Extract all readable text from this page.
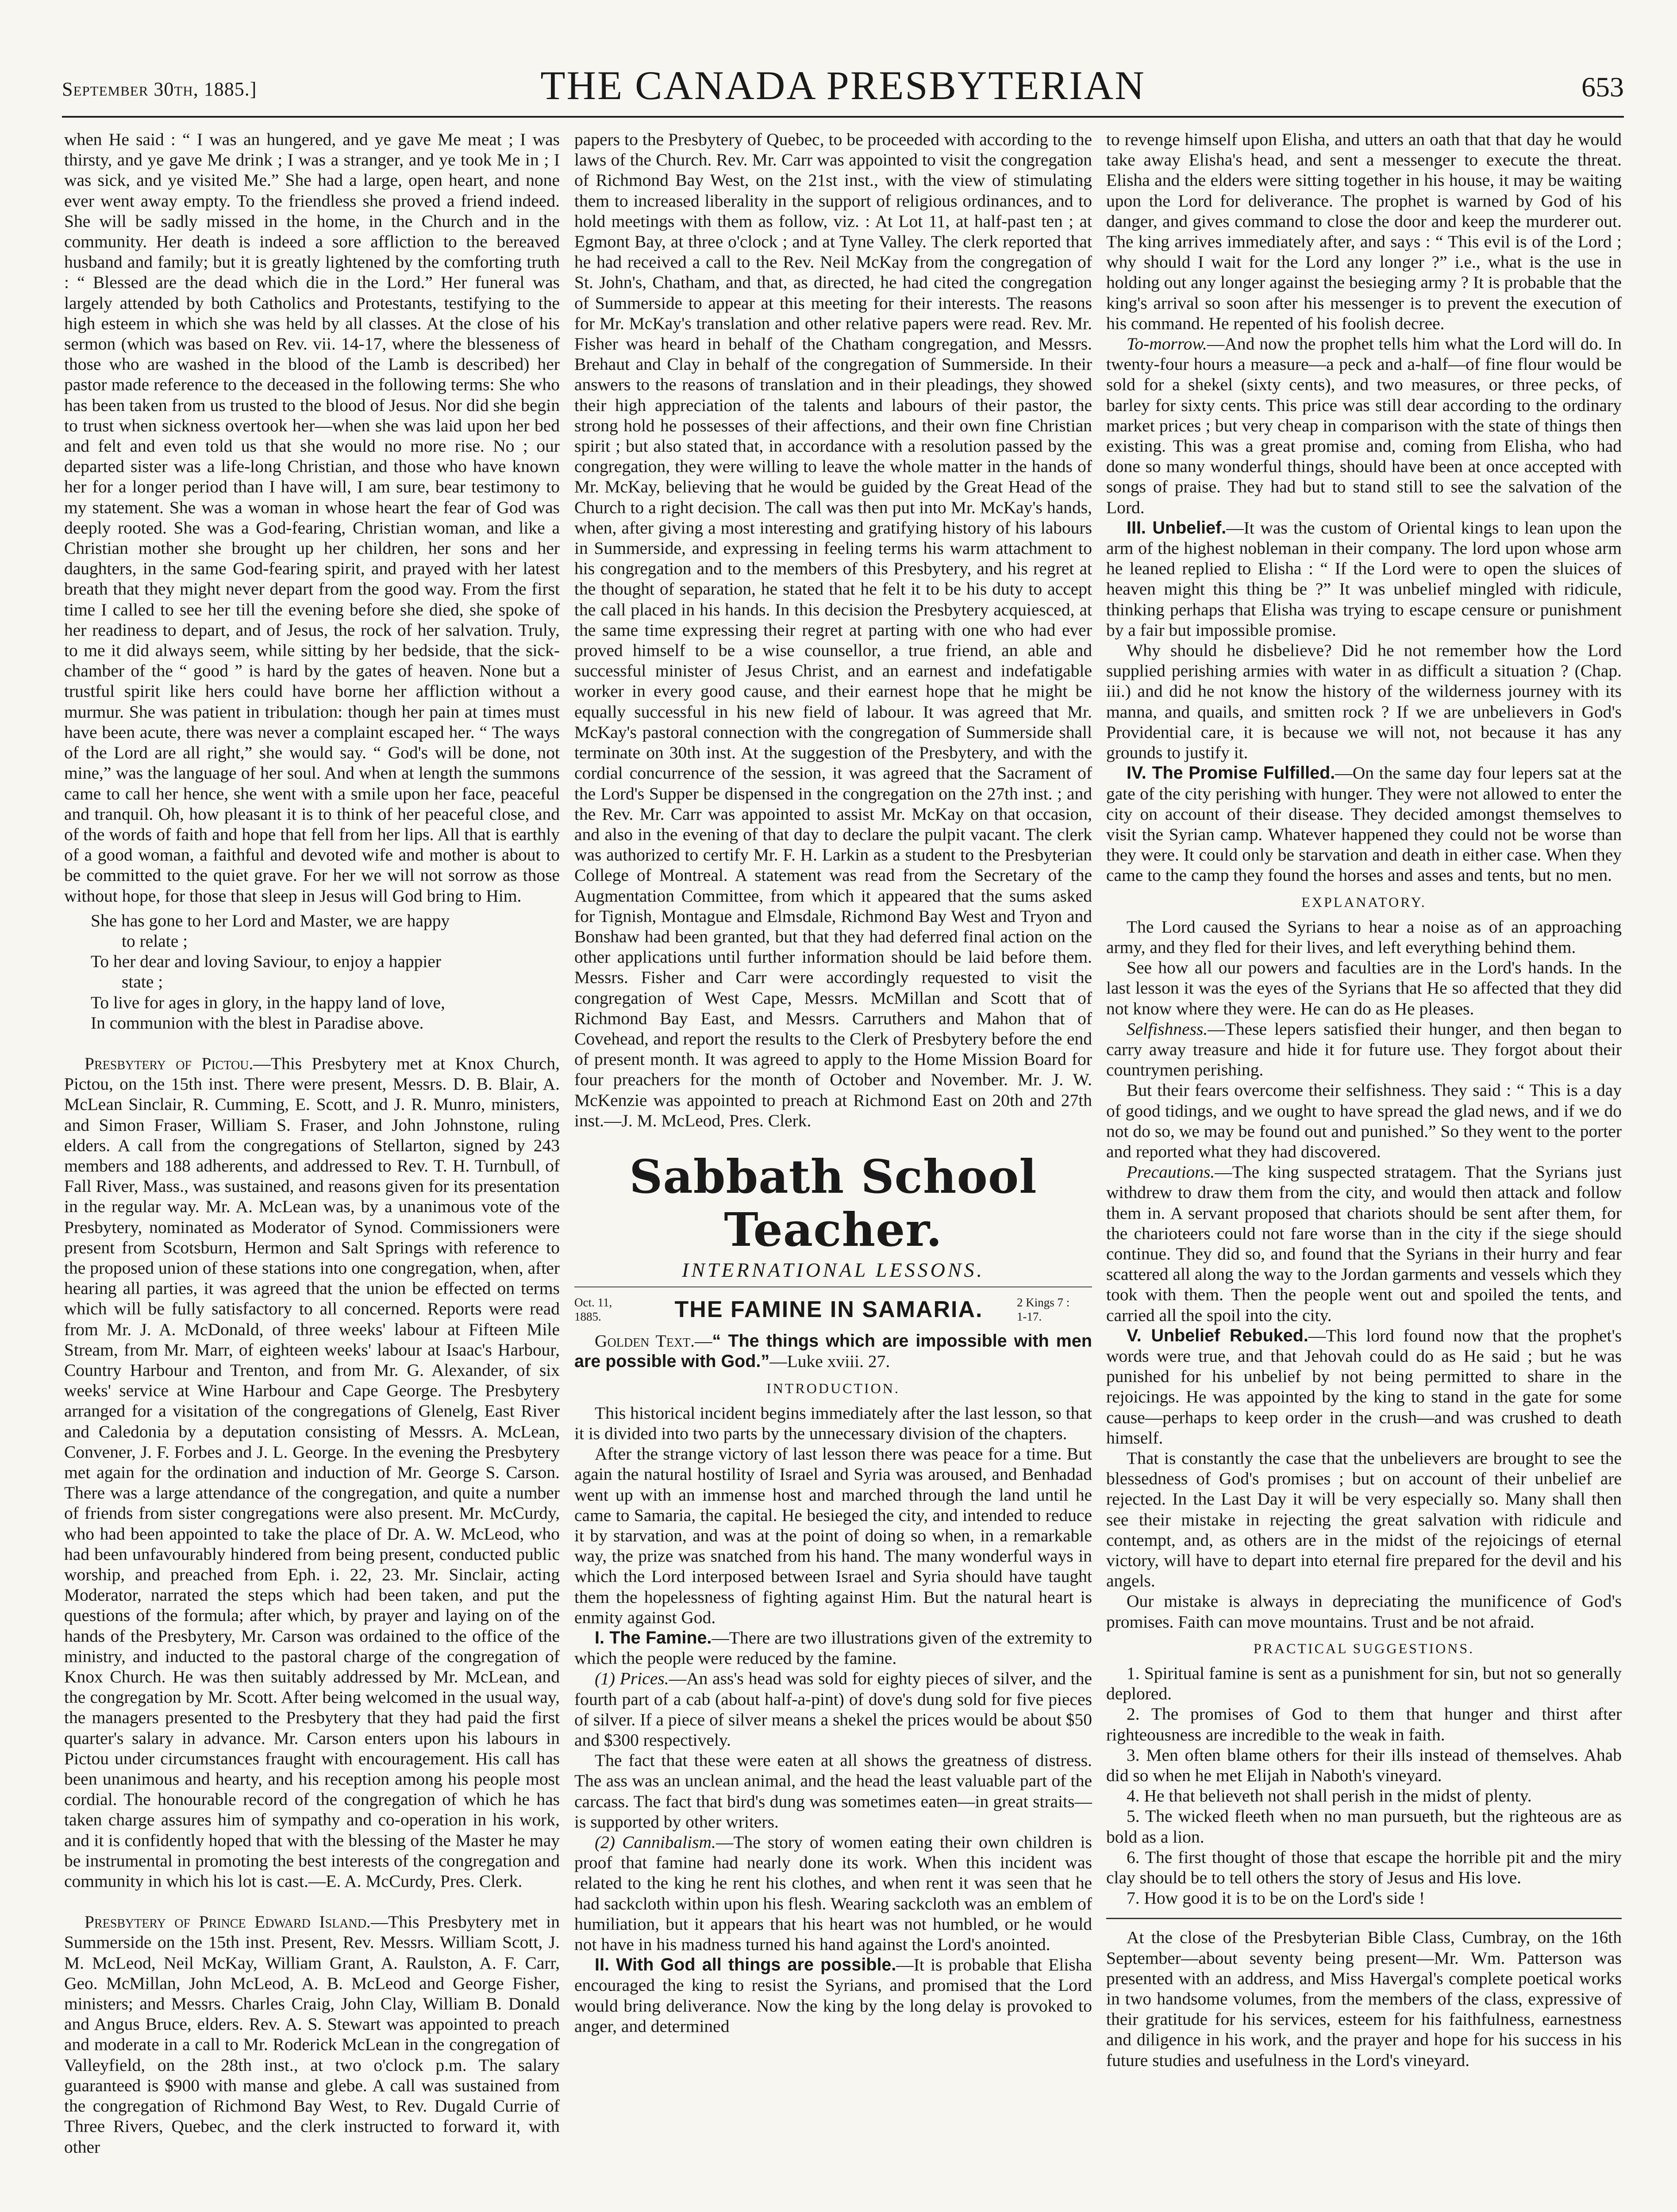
September 30th, 1885.]	THE CANADA PRESBYTERIAN	653

when He said : “ I was an hungered, and ye gave Me meat ; I was thirsty, and ye gave Me drink ; I was a stranger, and ye took Me in ; I was sick, and ye visited Me.” She had a large, open heart, and none ever went away empty. To the friendless she proved a friend indeed. She will be sadly missed in the home, in the Church and in the community. Her death is indeed a sore affliction to the bereaved husband and family; but it is greatly lightened by the comforting truth : “ Blessed are the dead which die in the Lord.” Her funeral was largely attended by both Catholics and Protestants, testifying to the high esteem in which she was held by all classes. At the close of his sermon (which was based on Rev. vii. 14-17, where the blesseness of those who are washed in the blood of the Lamb is described) her pastor made reference to the deceased in the following terms: She who has been taken from us trusted to the blood of Jesus. Nor did she begin to trust when sickness overtook her—when she was laid upon her bed and felt and even told us that she would no more rise. No ; our departed sister was a life-long Christian, and those who have known her for a longer period than I have will, I am sure, bear testimony to my statement. She was a woman in whose heart the fear of God was deeply rooted. She was a God-fearing, Christian woman, and like a Christian mother she brought up her children, her sons and her daughters, in the same God-fearing spirit, and prayed with her latest breath that they might never depart from the good way. From the first time I called to see her till the evening before she died, she spoke of her readiness to depart, and of Jesus, the rock of her salvation. Truly, to me it did always seem, while sitting by her bedside, that the sick-chamber of the “ good ” is hard by the gates of heaven. None but a trustful spirit like hers could have borne her affliction without a murmur. She was patient in tribulation: though her pain at times must have been acute, there was never a complaint escaped her. “ The ways of the Lord are all right,” she would say. “ God's will be done, not mine,” was the language of her soul. And when at length the summons came to call her hence, she went with a smile upon her face, peaceful and tranquil. Oh, how pleasant it is to think of her peaceful close, and of the words of faith and hope that fell from her lips. All that is earthly of a good woman, a faithful and devoted wife and mother is about to be committed to the quiet grave. For her we will not sorrow as those without hope, for those that sleep in Jesus will God bring to Him.

She has gone to her Lord and Master, we are happy
to relate ;
To her dear and loving Saviour, to enjoy a happier
state ;
To live for ages in glory, in the happy land of love,
In communion with the blest in Paradise above.

Presbytery of Pictou.—This Presbytery met at Knox Church, Pictou, on the 15th inst. There were present, Messrs. D. B. Blair, A. McLean Sinclair, R. Cumming, E. Scott, and J. R. Munro, ministers, and Simon Fraser, William S. Fraser, and John Johnstone, ruling elders. A call from the congregations of Stellarton, signed by 243 members and 188 adherents, and addressed to Rev. T. H. Turnbull, of Fall River, Mass., was sustained, and reasons given for its presentation in the regular way. Mr. A. McLean was, by a unanimous vote of the Presbytery, nominated as Moderator of Synod. Commissioners were present from Scotsburn, Hermon and Salt Springs with reference to the proposed union of these stations into one congregation, when, after hearing all parties, it was agreed that the union be effected on terms which will be fully satisfactory to all concerned. Reports were read from Mr. J. A. McDonald, of three weeks' labour at Fifteen Mile Stream, from Mr. Marr, of eighteen weeks' labour at Isaac's Harbour, Country Harbour and Trenton, and from Mr. G. Alexander, of six weeks' service at Wine Harbour and Cape George. The Presbytery arranged for a visitation of the congregations of Glenelg, East River and Caledonia by a deputation consisting of Messrs. A. McLean, Convener, J. F. Forbes and J. L. George. In the evening the Presbytery met again for the ordination and induction of Mr. George S. Carson. There was a large attendance of the congregation, and quite a number of friends from sister congregations were also present. Mr. McCurdy, who had been appointed to take the place of Dr. A. W. McLeod, who had been unfavourably hindered from being present, conducted public worship, and preached from Eph. i. 22, 23. Mr. Sinclair, acting Moderator, narrated the steps which had been taken, and put the questions of the formula; after which, by prayer and laying on of the hands of the Presbytery, Mr. Carson was ordained to the office of the ministry, and inducted to the pastoral charge of the congregation of Knox Church. He was then suitably addressed by Mr. McLean, and the congregation by Mr. Scott. After being welcomed in the usual way, the managers presented to the Presbytery that they had paid the first quarter's salary in advance. Mr. Carson enters upon his labours in Pictou under circumstances fraught with encouragement. His call has been unanimous and hearty, and his reception among his people most cordial. The honourable record of the congregation of which he has taken charge assures him of sympathy and co-operation in his work, and it is confidently hoped that with the blessing of the Master he may be instrumental in promoting the best interests of the congregation and community in which his lot is cast.—E. A. McCurdy, Pres. Clerk.

Presbytery of Prince Edward Island.—This Presbytery met in Summerside on the 15th inst. Present, Rev. Messrs. William Scott, J. M. McLeod, Neil McKay, William Grant, A. Raulston, A. F. Carr, Geo. McMillan, John McLeod, A. B. McLeod and George Fisher, ministers; and Messrs. Charles Craig, John Clay, William B. Donald and Angus Bruce, elders. Rev. A. S. Stewart was appointed to preach and moderate in a call to Mr. Roderick McLean in the congregation of Valleyfield, on the 28th inst., at two o'clock p.m. The salary guaranteed is $900 with manse and glebe. A call was sustained from the congregation of Richmond Bay West, to Rev. Dugald Currie of Three Rivers, Quebec, and the clerk instructed to forward it, with other

papers to the Presbytery of Quebec, to be proceeded with according to the laws of the Church. Rev. Mr. Carr was appointed to visit the congregation of Richmond Bay West, on the 21st inst., with the view of stimulating them to increased liberality in the support of religious ordinances, and to hold meetings with them as follow, viz. : At Lot 11, at half-past ten ; at Egmont Bay, at three o'clock ; and at Tyne Valley. The clerk reported that he had received a call to the Rev. Neil McKay from the congregation of St. John's, Chatham, and that, as directed, he had cited the congregation of Summerside to appear at this meeting for their interests. The reasons for Mr. McKay's translation and other relative papers were read. Rev. Mr. Fisher was heard in behalf of the Chatham congregation, and Messrs. Brehaut and Clay in behalf of the congregation of Summerside. In their answers to the reasons of translation and in their pleadings, they showed their high appreciation of the talents and labours of their pastor, the strong hold he possesses of their affections, and their own fine Christian spirit ; but also stated that, in accordance with a resolution passed by the congregation, they were willing to leave the whole matter in the hands of Mr. McKay, believing that he would be guided by the Great Head of the Church to a right decision. The call was then put into Mr. McKay's hands, when, after giving a most interesting and gratifying history of his labours in Summerside, and expressing in feeling terms his warm attachment to his congregation and to the members of this Presbytery, and his regret at the thought of separation, he stated that he felt it to be his duty to accept the call placed in his hands. In this decision the Presbytery acquiesced, at the same time expressing their regret at parting with one who had ever proved himself to be a wise counsellor, a true friend, an able and successful minister of Jesus Christ, and an earnest and indefatigable worker in every good cause, and their earnest hope that he might be equally successful in his new field of labour. It was agreed that Mr. McKay's pastoral connection with the congregation of Summerside shall terminate on 30th inst. At the suggestion of the Presbytery, and with the cordial concurrence of the session, it was agreed that the Sacrament of the Lord's Supper be dispensed in the congregation on the 27th inst. ; and the Rev. Mr. Carr was appointed to assist Mr. McKay on that occasion, and also in the evening of that day to declare the pulpit vacant. The clerk was authorized to certify Mr. F. H. Larkin as a student to the Presbyterian College of Montreal. A statement was read from the Secretary of the Augmentation Committee, from which it appeared that the sums asked for Tignish, Montague and Elmsdale, Richmond Bay West and Tryon and Bonshaw had been granted, but that they had deferred final action on the other applications until further information should be laid before them. Messrs. Fisher and Carr were accordingly requested to visit the congregation of West Cape, Messrs. McMillan and Scott that of Richmond Bay East, and Messrs. Carruthers and Mahon that of Covehead, and report the results to the Clerk of Presbytery before the end of present month. It was agreed to apply to the Home Mission Board for four preachers for the month of October and November. Mr. J. W. McKenzie was appointed to preach at Richmond East on 20th and 27th inst.—J. M. McLeod, Pres. Clerk.

Sabbath School Teacher.
INTERNATIONAL LESSONS.
Oct. 11,
1885.	THE FAMINE IN SAMARIA.	2 Kings 7 :
1-17.

Golden Text.—“ The things which are impossible with men are possible with God.”—Luke xviii. 27.

INTRODUCTION.

This historical incident begins immediately after the last lesson, so that it is divided into two parts by the unnecessary division of the chapters.

After the strange victory of last lesson there was peace for a time. But again the natural hostility of Israel and Syria was aroused, and Benhadad went up with an immense host and marched through the land until he came to Samaria, the capital. He besieged the city, and intended to reduce it by starvation, and was at the point of doing so when, in a remarkable way, the prize was snatched from his hand. The many wonderful ways in which the Lord interposed between Israel and Syria should have taught them the hopelessness of fighting against Him. But the natural heart is enmity against God.

I. The Famine.—There are two illustrations given of the extremity to which the people were reduced by the famine.

(1) Prices.—An ass's head was sold for eighty pieces of silver, and the fourth part of a cab (about half-a-pint) of dove's dung sold for five pieces of silver. If a piece of silver means a shekel the prices would be about $50 and $300 respectively.

The fact that these were eaten at all shows the greatness of distress. The ass was an unclean animal, and the head the least valuable part of the carcass. The fact that bird's dung was sometimes eaten—in great straits—is supported by other writers.

(2) Cannibalism.—The story of women eating their own children is proof that famine had nearly done its work. When this incident was related to the king he rent his clothes, and when rent it was seen that he had sackcloth within upon his flesh. Wearing sackcloth was an emblem of humiliation, but it appears that his heart was not humbled, or he would not have in his madness turned his hand against the Lord's anointed.

II. With God all things are possible.—It is probable that Elisha encouraged the king to resist the Syrians, and promised that the Lord would bring deliverance. Now the king by the long delay is provoked to anger, and determined

to revenge himself upon Elisha, and utters an oath that that day he would take away Elisha's head, and sent a messenger to execute the threat. Elisha and the elders were sitting together in his house, it may be waiting upon the Lord for deliverance. The prophet is warned by God of his danger, and gives command to close the door and keep the murderer out. The king arrives immediately after, and says : “ This evil is of the Lord ; why should I wait for the Lord any longer ?” i.e., what is the use in holding out any longer against the besieging army ? It is probable that the king's arrival so soon after his messenger is to prevent the execution of his command. He repented of his foolish decree.

To-morrow.—And now the prophet tells him what the Lord will do. In twenty-four hours a measure—a peck and a-half—of fine flour would be sold for a shekel (sixty cents), and two measures, or three pecks, of barley for sixty cents. This price was still dear according to the ordinary market prices ; but very cheap in comparison with the state of things then existing. This was a great promise and, coming from Elisha, who had done so many wonderful things, should have been at once accepted with songs of praise. They had but to stand still to see the salvation of the Lord.

III. Unbelief.—It was the custom of Oriental kings to lean upon the arm of the highest nobleman in their company. The lord upon whose arm he leaned replied to Elisha : “ If the Lord were to open the sluices of heaven might this thing be ?” It was unbelief mingled with ridicule, thinking perhaps that Elisha was trying to escape censure or punishment by a fair but impossible promise.

Why should he disbelieve? Did he not remember how the Lord supplied perishing armies with water in as difficult a situation ? (Chap. iii.) and did he not know the history of the wilderness journey with its manna, and quails, and smitten rock ? If we are unbelievers in God's Providential care, it is because we will not, not because it has any grounds to justify it.

IV. The Promise Fulfilled.—On the same day four lepers sat at the gate of the city perishing with hunger. They were not allowed to enter the city on account of their disease. They decided amongst themselves to visit the Syrian camp. Whatever happened they could not be worse than they were. It could only be starvation and death in either case. When they came to the camp they found the horses and asses and tents, but no men.

EXPLANATORY.

The Lord caused the Syrians to hear a noise as of an approaching army, and they fled for their lives, and left everything behind them.

See how all our powers and faculties are in the Lord's hands. In the last lesson it was the eyes of the Syrians that He so affected that they did not know where they were. He can do as He pleases.

Selfishness.—These lepers satisfied their hunger, and then began to carry away treasure and hide it for future use. They forgot about their countrymen perishing.

But their fears overcome their selfishness. They said : “ This is a day of good tidings, and we ought to have spread the glad news, and if we do not do so, we may be found out and punished.” So they went to the porter and reported what they had discovered.

Precautions.—The king suspected stratagem. That the Syrians just withdrew to draw them from the city, and would then attack and follow them in. A servant proposed that chariots should be sent after them, for the charioteers could not fare worse than in the city if the siege should continue. They did so, and found that the Syrians in their hurry and fear scattered all along the way to the Jordan garments and vessels which they took with them. Then the people went out and spoiled the tents, and carried all the spoil into the city.

V. Unbelief Rebuked.—This lord found now that the prophet's words were true, and that Jehovah could do as He said ; but he was punished for his unbelief by not being permitted to share in the rejoicings. He was appointed by the king to stand in the gate for some cause—perhaps to keep order in the crush—and was crushed to death himself.

That is constantly the case that the unbelievers are brought to see the blessedness of God's promises ; but on account of their unbelief are rejected. In the Last Day it will be very especially so. Many shall then see their mistake in rejecting the great salvation with ridicule and contempt, and, as others are in the midst of the rejoicings of eternal victory, will have to depart into eternal fire prepared for the devil and his angels.

Our mistake is always in depreciating the munificence of God's promises. Faith can move mountains. Trust and be not afraid.

PRACTICAL SUGGESTIONS.
1. Spiritual famine is sent as a punishment for sin, but not so generally deplored.
2. The promises of God to them that hunger and thirst after righteousness are incredible to the weak in faith.
3. Men often blame others for their ills instead of themselves. Ahab did so when he met Elijah in Naboth's vineyard.
4. He that believeth not shall perish in the midst of plenty.
5. The wicked fleeth when no man pursueth, but the righteous are as bold as a lion.
6. The first thought of those that escape the horrible pit and the miry clay should be to tell others the story of Jesus and His love.
7. How good it is to be on the Lord's side !

At the close of the Presbyterian Bible Class, Cumbray, on the 16th September—about seventy being present—Mr. Wm. Patterson was presented with an address, and Miss Havergal's complete poetical works in two handsome volumes, from the members of the class, expressive of their gratitude for his services, esteem for his faithfulness, earnestness and diligence in his work, and the prayer and hope for his success in his future studies and usefulness in the Lord's vineyard.
